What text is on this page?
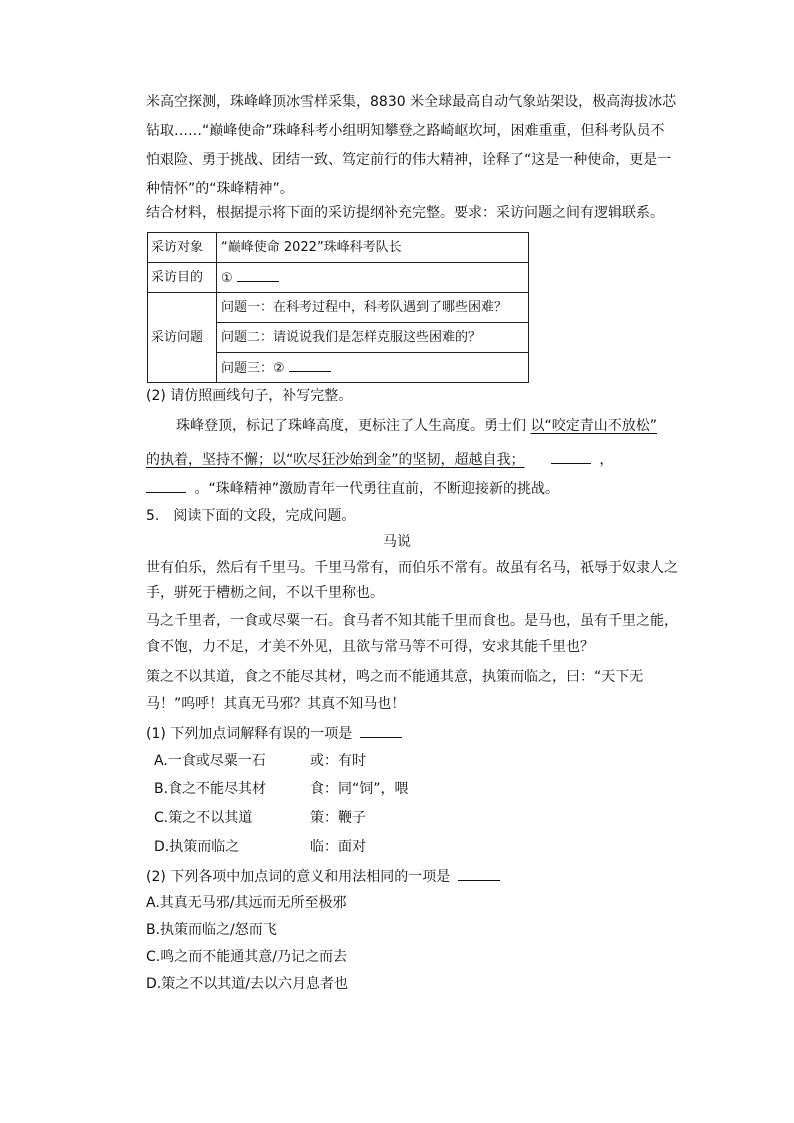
米高空探测，珠峰峰顶冰雪样采集，8830 米全球最高自动气象站架设，极高海拔冰芯
钻取……“巅峰使命”珠峰科考小组明知攀登之路崎岖坎坷，困难重重，但科考队员不
怕艰险、勇于挑战、团结一致、笃定前行的伟大精神，诠释了“这是一种使命，更是一
种情怀”的“珠峰精神”。
结合材料，根据提示将下面的采访提纲补充完整。要求：采访问题之间有逻辑联系。
采访对象	“巅峰使命 2022”珠峰科考队长
采访目的	①
采访问题	问题一：在科考过程中，科考队遇到了哪些困难？
	问题二：请说说我们是怎样克服这些困难的？
	问题三：②
(2) 请仿照画线句子，补写完整。
珠峰登顶，标记了珠峰高度，更标注了人生高度。勇士们 以“咬定青山不放松”
的执着，坚持不懈；以“吹尽狂沙始到金”的坚韧，超越自我；	，
。“珠峰精神”激励青年一代勇往直前，不断迎接新的挑战。
5.　阅读下面的文段，完成问题。
马说
世有伯乐，然后有千里马。千里马常有，而伯乐不常有。故虽有名马，祇辱于奴隶人之
手，骈死于槽枥之间，不以千里称也。
马之千里者，一食或尽粟一石。食马者不知其能千里而食也。是马也，虽有千里之能，
食不饱，力不足，才美不外见，且欲与常马等不可得，安求其能千里也？
策之不以其道，食之不能尽其材，鸣之而不能通其意，执策而临之，曰：“天下无
马！”呜呼！其真无马邪？其真不知马也！
(1) 下列加点词解释有误的一项是
A.一食或尽粟一石	或：有时
B.食之不能尽其材	食：同“饲”，喂
C.策之不以其道	策：鞭子
D.执策而临之	临：面对
(2) 下列各项中加点词的意义和用法相同的一项是
A.其真无马邪/其远而无所至极邪
B.执策而临之/怒而飞
C.鸣之而不能通其意/乃记之而去
D.策之不以其道/去以六月息者也
